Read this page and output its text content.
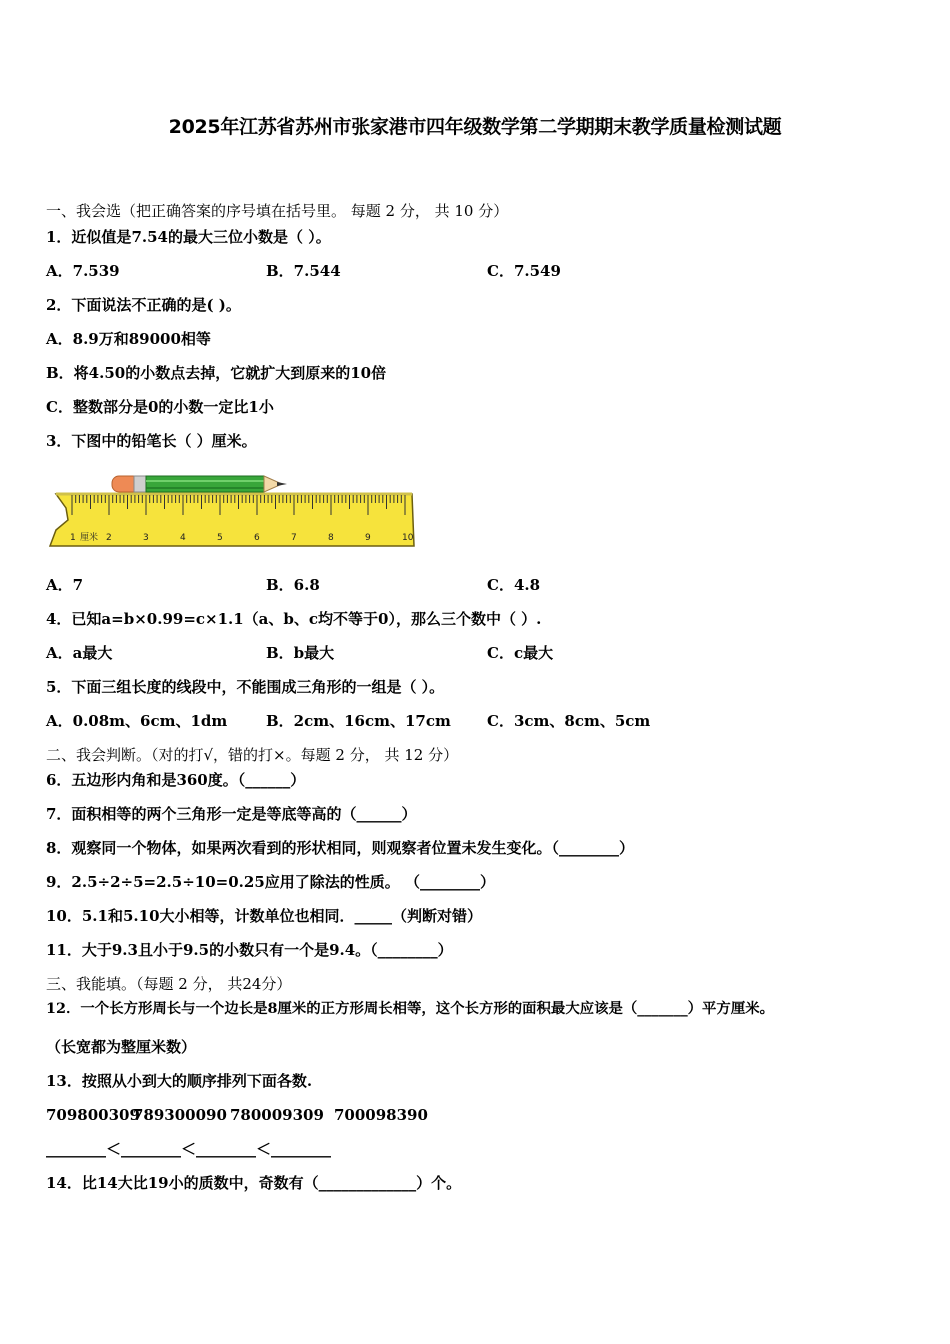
2025年江苏省苏州市张家港市四年级数学第二学期期末教学质量检测试题
一、我会选（把正确答案的序号填在括号里。 每题 2 分， 共 10 分）
1．近似值是7.54的最大三位小数是（ ）。
A．7.539	B．7.544	C．7.549
2．下面说法不正确的是( )。
A．8.9万和89000相等
B．将4.50的小数点去掉，它就扩大到原来的10倍
C．整数部分是0的小数一定比1小
3．下图中的铅笔长（ ）厘米。
2	3	4	5	6	7	8	9	10
1 厘米
A．7	B．6.8	C．4.8
4．已知a=b×0.99=c×1.1（a、b、c均不等于0），那么三个数中（ ）.
A．a最大	B．b最大	C．c最大
5．下面三组长度的线段中，不能围成三角形的一组是（ ）。
A．0.08m、6cm、1dm	B．2cm、16cm、17cm C．3cm、8cm、5cm
二、我会判断。（对的打√，错的打×。每题 2 分， 共 12 分）
6．五边形内角和是360度。（______）
7．面积相等的两个三角形一定是等底等高的（______）
8．观察同一个物体，如果两次看到的形状相同，则观察者位置未发生变化。（________）
9．2.5÷2÷5=2.5÷10=0.25应用了除法的性质。 （________）
10．5.1和5.10大小相等，计数单位也相同．_____（判断对错）
11．大于9.3且小于9.5的小数只有一个是9.4。（________）
三、我能填。（每题 2 分， 共24分）
12．一个长方形周长与一个边长是8厘米的正方形周长相等，这个长方形的面积最大应该是（_______）平方厘米。
（长宽都为整厘米数）
13．按照从小到大的顺序排列下面各数.
709800309
789300090 780009309 700098390
________＜________＜________＜________
14．比14大比19小的质数中，奇数有（_____________）个。
